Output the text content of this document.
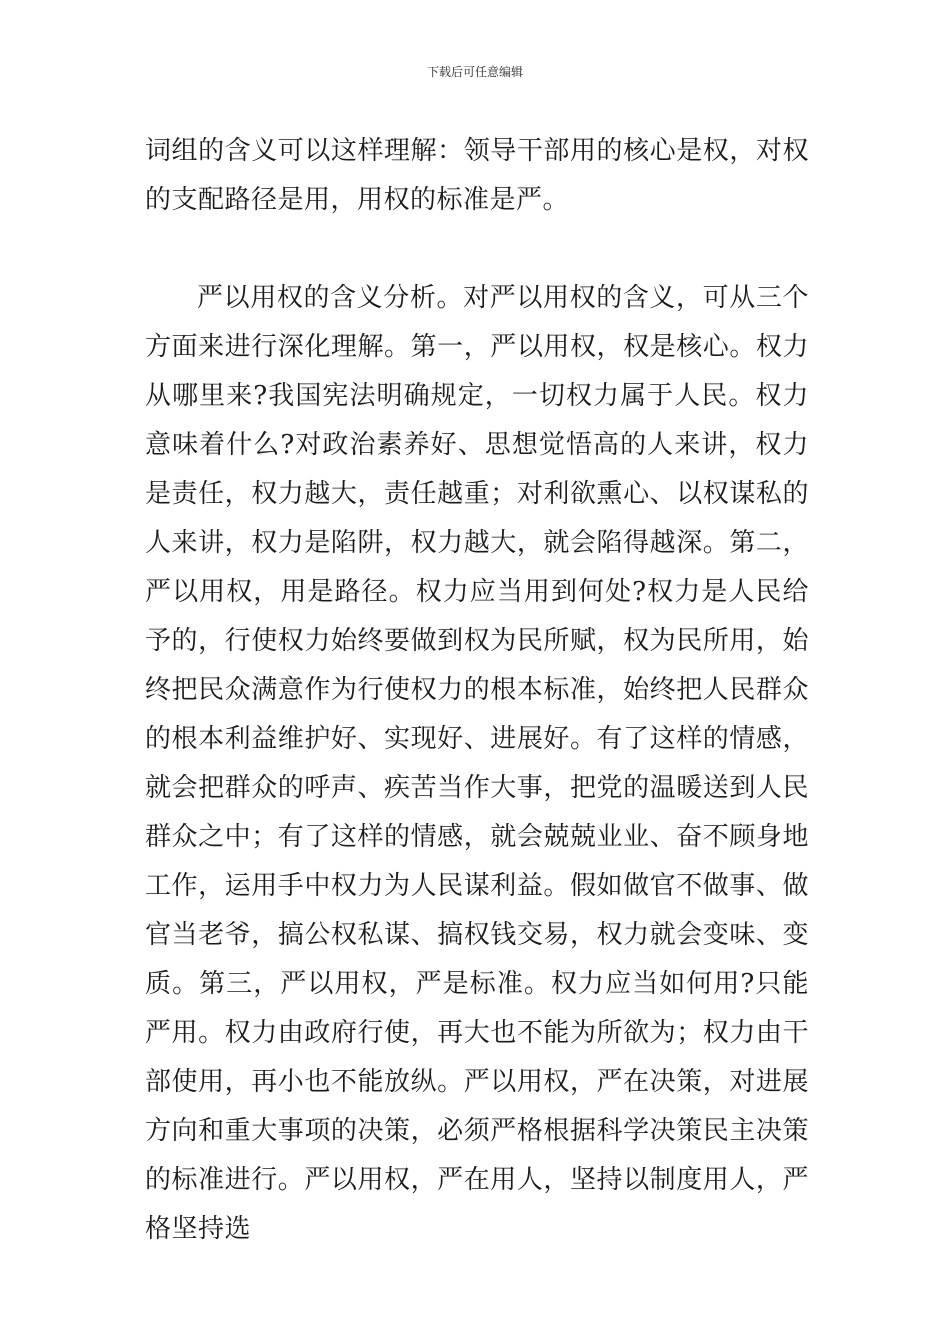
下载后可任意编辑

词组的含义可以这样理解：领导干部用的核心是权，对权的支配路径是用，用权的标准是严。

严以用权的含义分析。对严以用权的含义，可从三个方面来进行深化理解。第一，严以用权，权是核心。权力从哪里来?我国宪法明确规定，一切权力属于人民。权力意味着什么?对政治素养好、思想觉悟高的人来讲，权力是责任，权力越大，责任越重；对利欲熏心、以权谋私的人来讲，权力是陷阱，权力越大，就会陷得越深。第二，严以用权，用是路径。权力应当用到何处?权力是人民给予的，行使权力始终要做到权为民所赋，权为民所用，始终把民众满意作为行使权力的根本标准，始终把人民群众的根本利益维护好、实现好、进展好。有了这样的情感，就会把群众的呼声、疾苦当作大事，把党的温暖送到人民群众之中；有了这样的情感，就会兢兢业业、奋不顾身地工作，运用手中权力为人民谋利益。假如做官不做事、做官当老爷，搞公权私谋、搞权钱交易，权力就会变味、变质。第三，严以用权，严是标准。权力应当如何用?只能严用。权力由政府行使，再大也不能为所欲为；权力由干部使用，再小也不能放纵。严以用权，严在决策，对进展方向和重大事项的决策，必须严格根据科学决策民主决策的标准进行。严以用权，严在用人，坚持以制度用人，严格坚持选
